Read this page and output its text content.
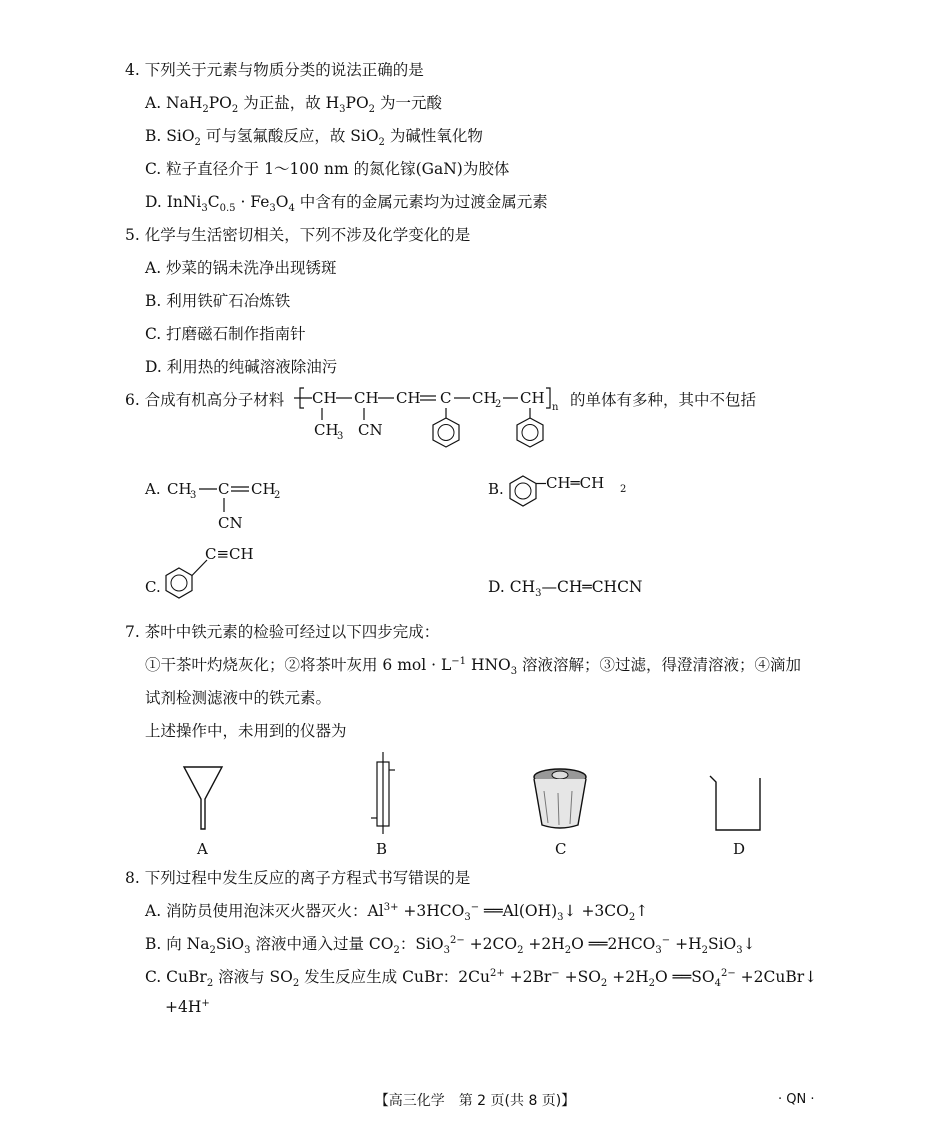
4. 下列关于元素与物质分类的说法正确的是
A. $NaH_2PO_2$ 为正盐，故 $H_3PO_2$ 为一元酸
B. SiO$_2$ 可与氢氟酸反应，故 SiO$_2$ 为碱性氧化物
C. 粒子直径介于 1～100 nm 的氮化镓(GaN)为胶体
D. $InNi_3C_{0.5} \cdot Fe_3O_4$ 中含有的金属元素均为过渡金属元素
5. 化学与生活密切相关，下列不涉及化学变化的是
A. 炒菜的锅未洗净出现锈斑
B. 利用铁矿石冶炼铁
C. 打磨磁石制作指南针
D. 利用热的纯碱溶液除油污
6. 合成有机高分子材料	的单体有多种，其中不包括
CH CH CH C CH
2 CH
n
CH
3 CN
A. CH
3 C CH
2
CN
B.	CH═CH 2
C.
C≡CH
D. $CH_3—CH═CHCN$
7. 茶叶中铁元素的检验可经过以下四步完成：
①干茶叶灼烧灰化；②将茶叶灰用 6 mol · $L^{-1}$ $HNO_3$ 溶液溶解；③过滤，得澄清溶液；④滴加
试剂检测滤液中的铁元素。
上述操作中，未用到的仪器为
A	B	C	D
8. 下列过程中发生反应的离子方程式书写错误的是
A. 消防员使用泡沫灭火器灭火：$Al^{3+} +3HCO_3^-$ $══Al(OH)_3↓$ $+3CO_2↑$
B. 向 $Na_2SiO_3$ 溶液中通入过量 $CO_2$：$SiO_3^{2-} +2CO_2 +2H_2O$ $══2HCO_3^-$ $+H_2SiO_3↓$
C. CuBr$_2$ 溶液与 $SO_2$ 发生反应生成 CuBr：$2Cu^{2+} +2Br^- +SO_2 +2H_2O$ $══SO_4^{2-}$ +2CuBr↓
+4H+
【高三化学　第 2 页(共 8 页)】	· QN ·
